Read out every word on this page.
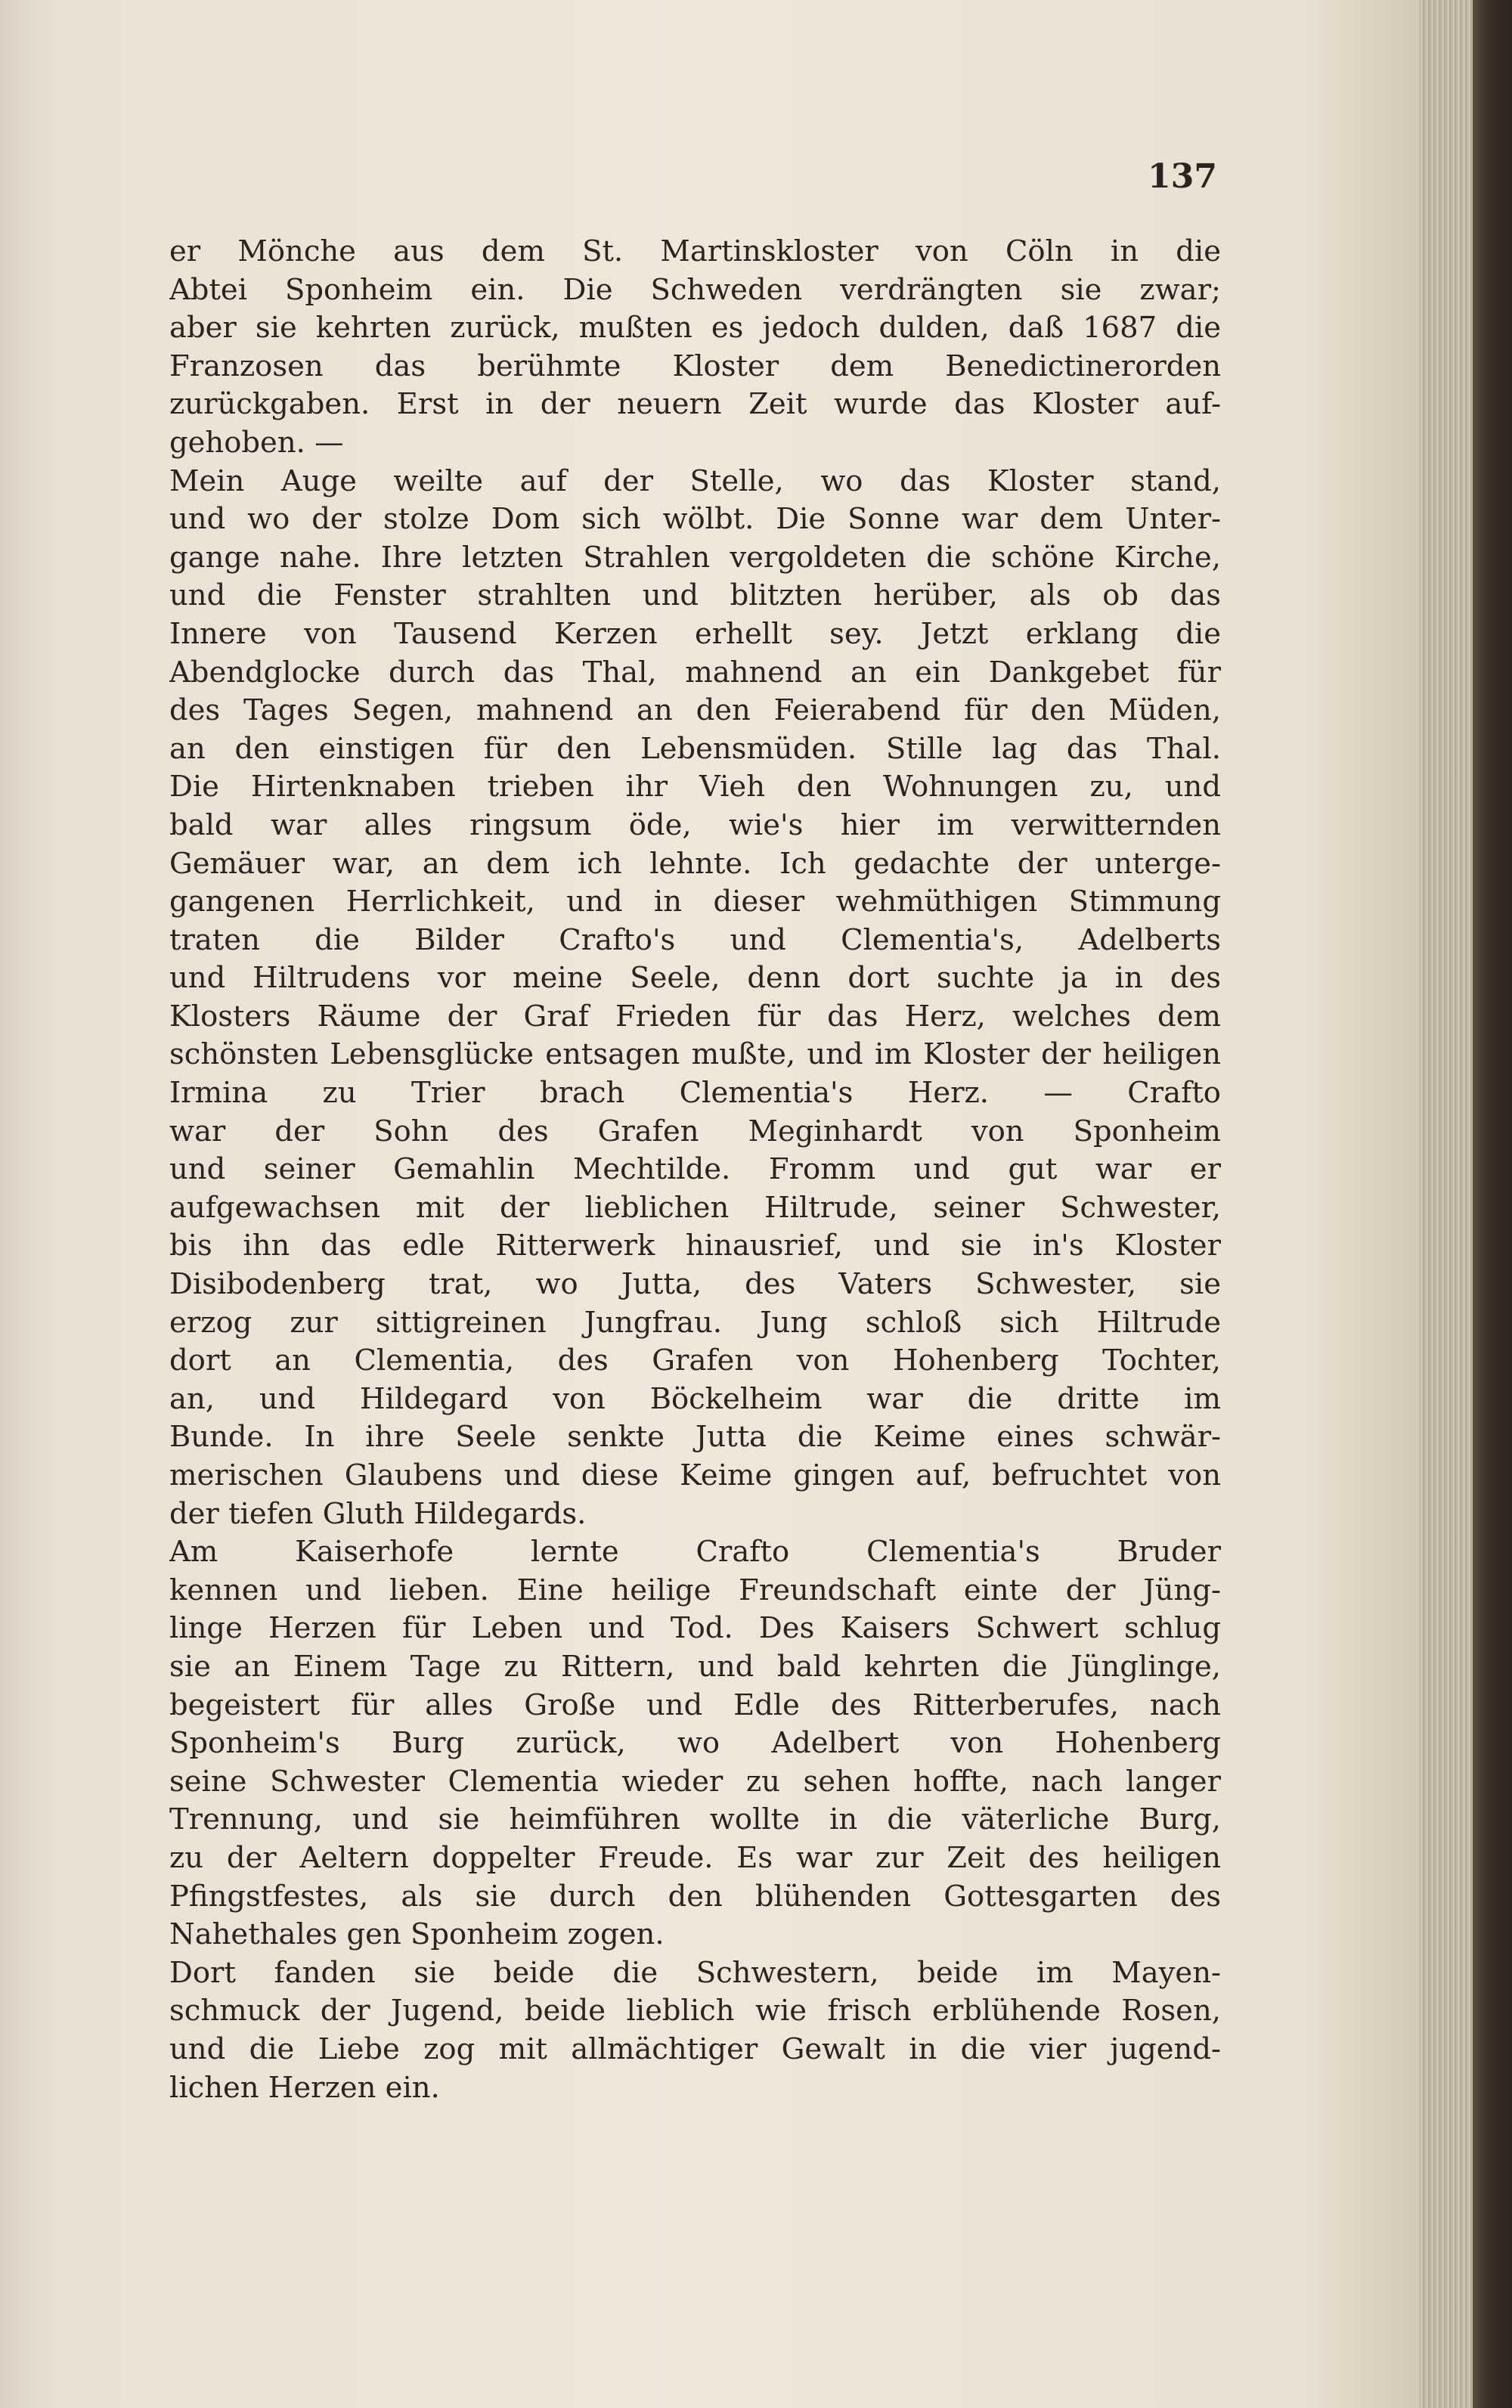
137

er Mönche aus dem St. Martinskloster von Cöln in die
Abtei Sponheim ein. Die Schweden verdrängten sie zwar;
aber sie kehrten zurück, mußten es jedoch dulden, daß 1687 die
Franzosen das berühmte Kloster dem Benedictinerorden
zurückgaben. Erst in der neuern Zeit wurde das Kloster auf-
gehoben. —
Mein Auge weilte auf der Stelle, wo das Kloster stand,
und wo der stolze Dom sich wölbt. Die Sonne war dem Unter-
gange nahe. Ihre letzten Strahlen vergoldeten die schöne Kirche,
und die Fenster strahlten und blitzten herüber, als ob das
Innere von Tausend Kerzen erhellt sey. Jetzt erklang die
Abendglocke durch das Thal, mahnend an ein Dankgebet für
des Tages Segen, mahnend an den Feierabend für den Müden,
an den einstigen für den Lebensmüden. Stille lag das Thal.
Die Hirtenknaben trieben ihr Vieh den Wohnungen zu, und
bald war alles ringsum öde, wie's hier im verwitternden
Gemäuer war, an dem ich lehnte. Ich gedachte der unterge-
gangenen Herrlichkeit, und in dieser wehmüthigen Stimmung
traten die Bilder Crafto's und Clementia's, Adelberts
und Hiltrudens vor meine Seele, denn dort suchte ja in des
Klosters Räume der Graf Frieden für das Herz, welches dem
schönsten Lebensglücke entsagen mußte, und im Kloster der heiligen
Irmina zu Trier brach Clementia's Herz. — Crafto
war der Sohn des Grafen Meginhardt von Sponheim
und seiner Gemahlin Mechtilde. Fromm und gut war er
aufgewachsen mit der lieblichen Hiltrude, seiner Schwester,
bis ihn das edle Ritterwerk hinausrief, und sie in's Kloster
Disibodenberg trat, wo Jutta, des Vaters Schwester, sie
erzog zur sittigreinen Jungfrau. Jung schloß sich Hiltrude
dort an Clementia, des Grafen von Hohenberg Tochter,
an, und Hildegard von Böckelheim war die dritte im
Bunde. In ihre Seele senkte Jutta die Keime eines schwär-
merischen Glaubens und diese Keime gingen auf, befruchtet von
der tiefen Gluth Hildegards.
Am Kaiserhofe lernte Crafto Clementia's Bruder
kennen und lieben. Eine heilige Freundschaft einte der Jüng-
linge Herzen für Leben und Tod. Des Kaisers Schwert schlug
sie an Einem Tage zu Rittern, und bald kehrten die Jünglinge,
begeistert für alles Große und Edle des Ritterberufes, nach
Sponheim's Burg zurück, wo Adelbert von Hohenberg
seine Schwester Clementia wieder zu sehen hoffte, nach langer
Trennung, und sie heimführen wollte in die väterliche Burg,
zu der Aeltern doppelter Freude. Es war zur Zeit des heiligen
Pfingstfestes, als sie durch den blühenden Gottesgarten des
Nahethales gen Sponheim zogen.
Dort fanden sie beide die Schwestern, beide im Mayen-
schmuck der Jugend, beide lieblich wie frisch erblühende Rosen,
und die Liebe zog mit allmächtiger Gewalt in die vier jugend-
lichen Herzen ein.
